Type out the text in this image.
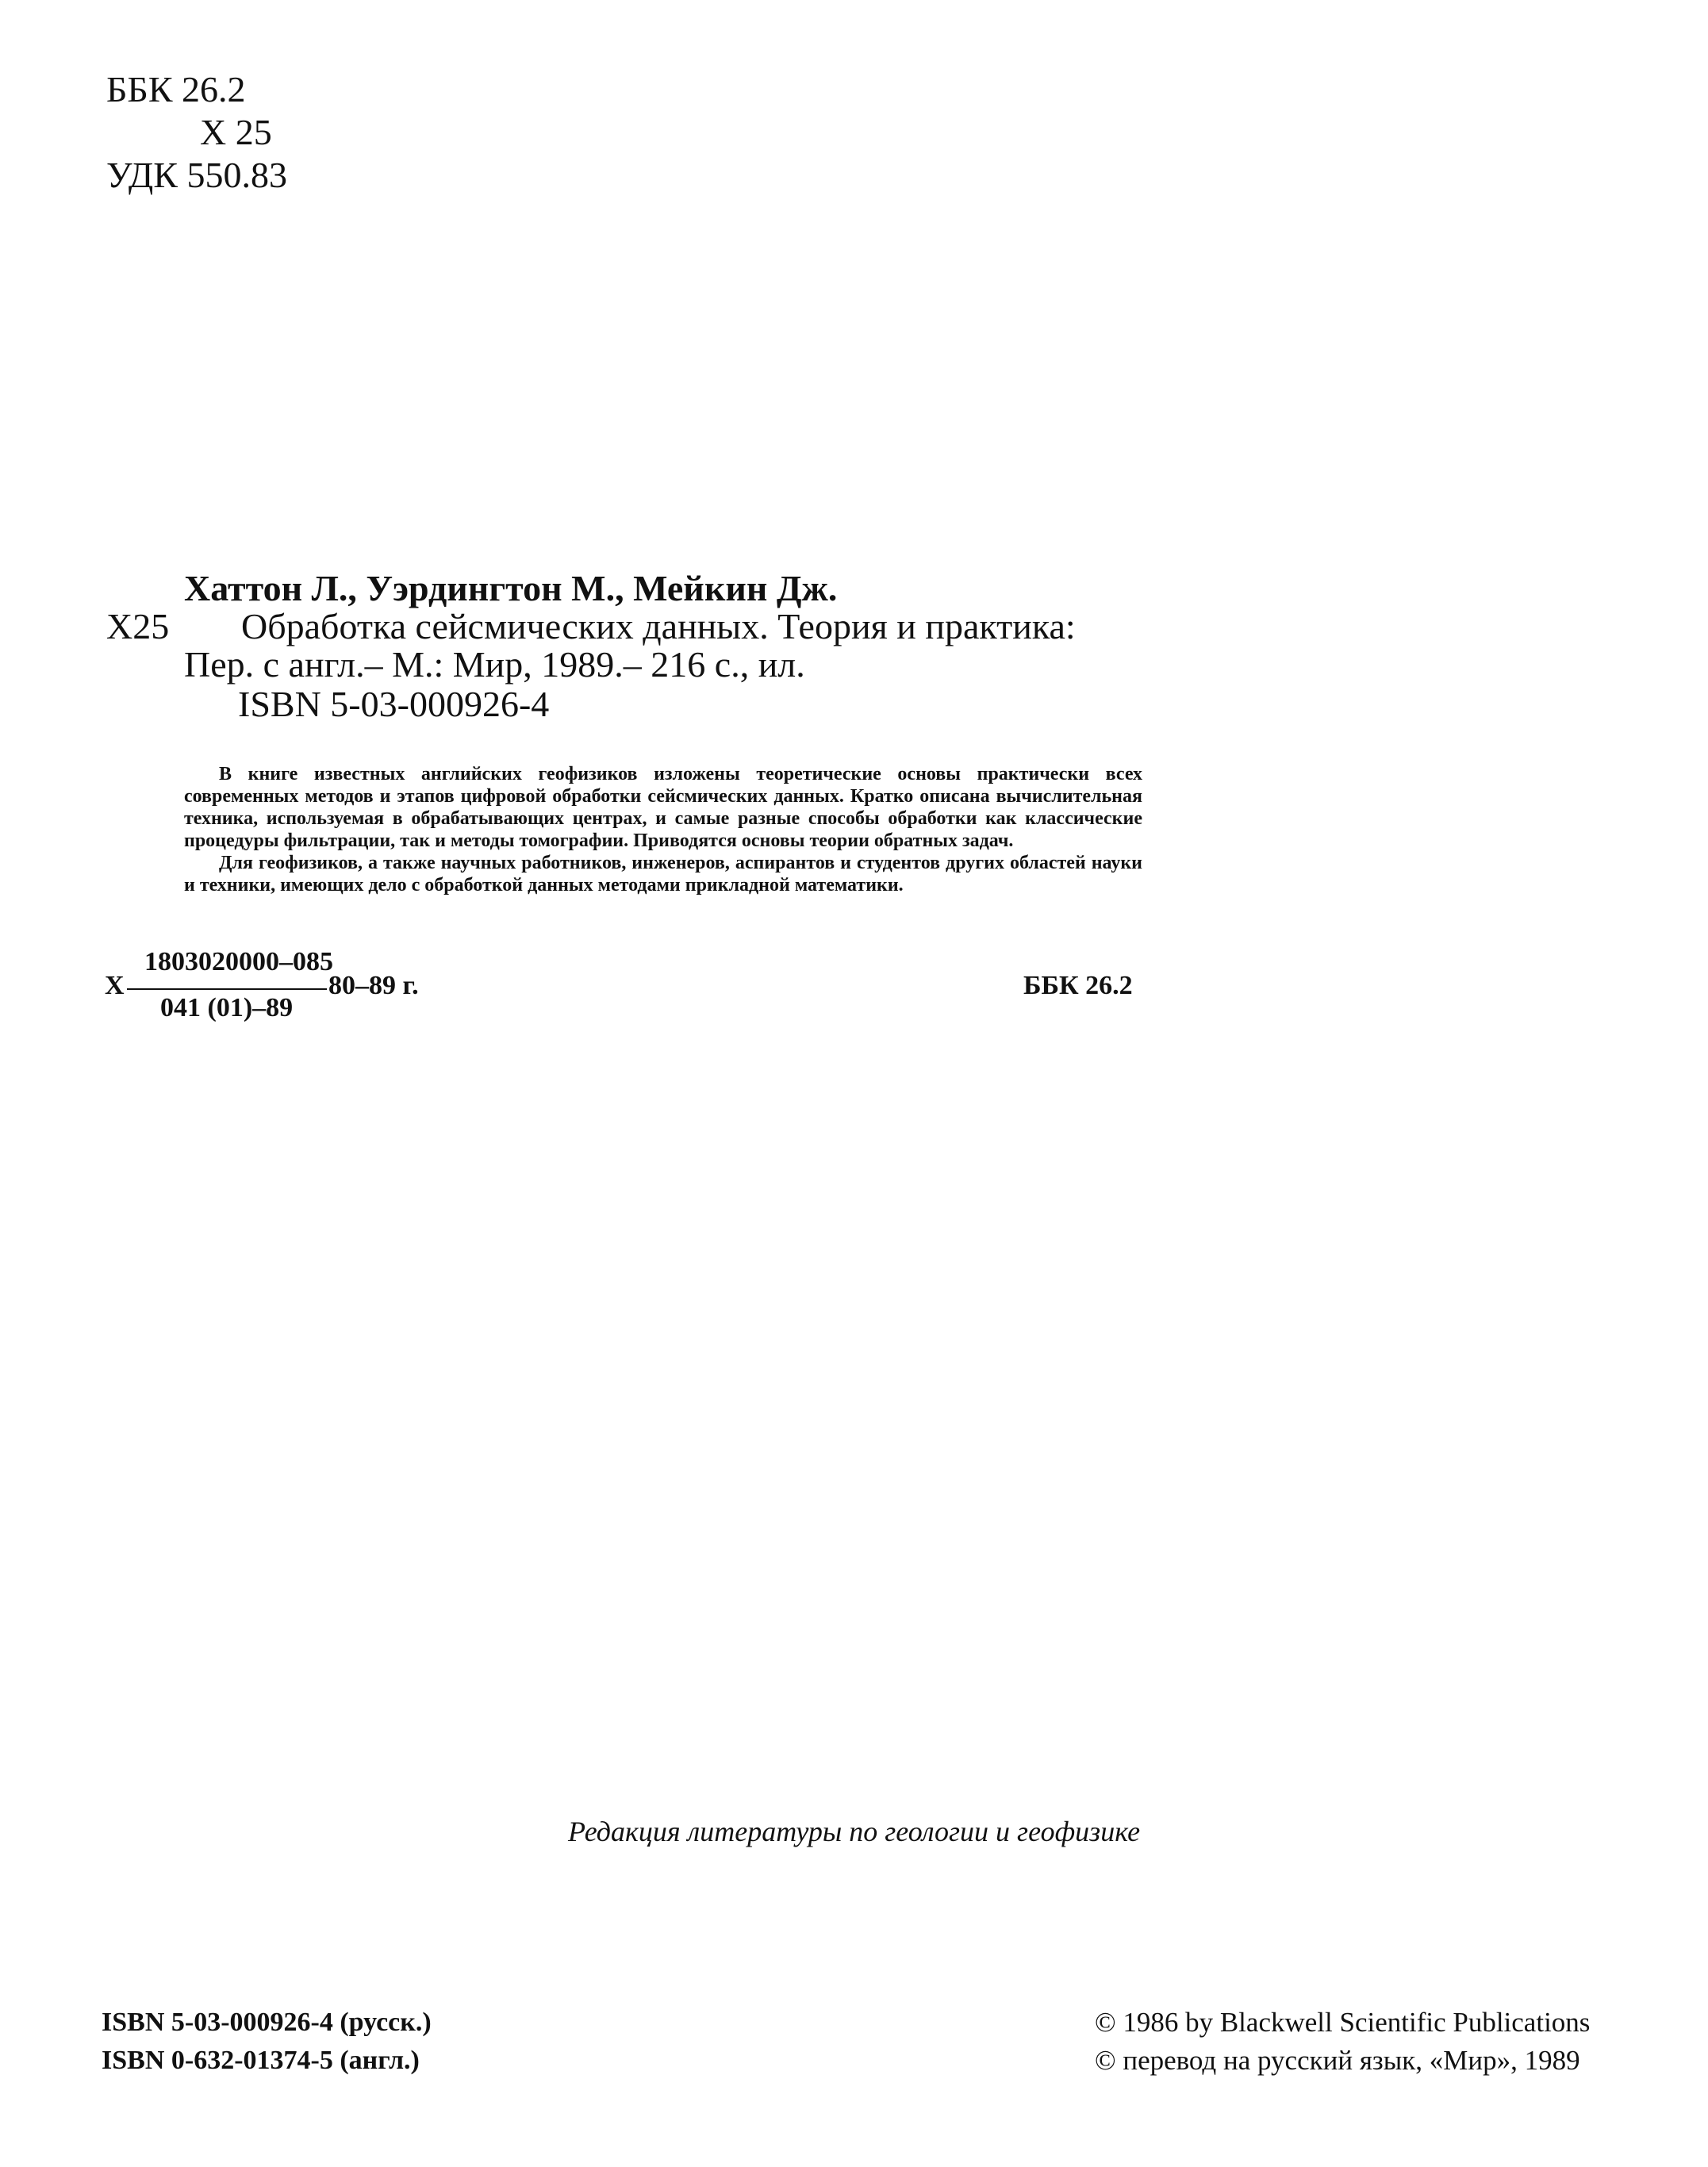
ББК 26.2
Х 25
УДК 550.83
Хаттон Л., Уэрдингтон М., Мейкин Дж.
Х25 Обработка сейсмических данных. Теория и практика:
Пер. с англ.– М.: Мир, 1989.– 216 с., ил.
ISBN 5-03-000926-4

В книге известных английских геофизиков изложены теоретические основы практически всех современных методов и этапов цифровой обработки сейсмических данных. Кратко описана вычислительная техника, используемая в обрабатывающих центрах, и самые разные способы обработки как классические процедуры фильтрации, так и методы томографии. Приводятся основы теории обратных задач.

Для геофизиков, а также научных работников, инженеров, аспирантов и студентов других областей науки и техники, имеющих дело с обработкой данных методами прикладной математики.

Х
1803020000–085
041 (01)–89
80–89 г.	ББК 26.2
Редакция литературы по геологии и геофизике
ISBN 5-03-000926-4 (русск.)
ISBN 0-632-01374-5 (англ.)
© 1986 by Blackwell Scientific Publications
© перевод на русский язык, «Мир», 1989
